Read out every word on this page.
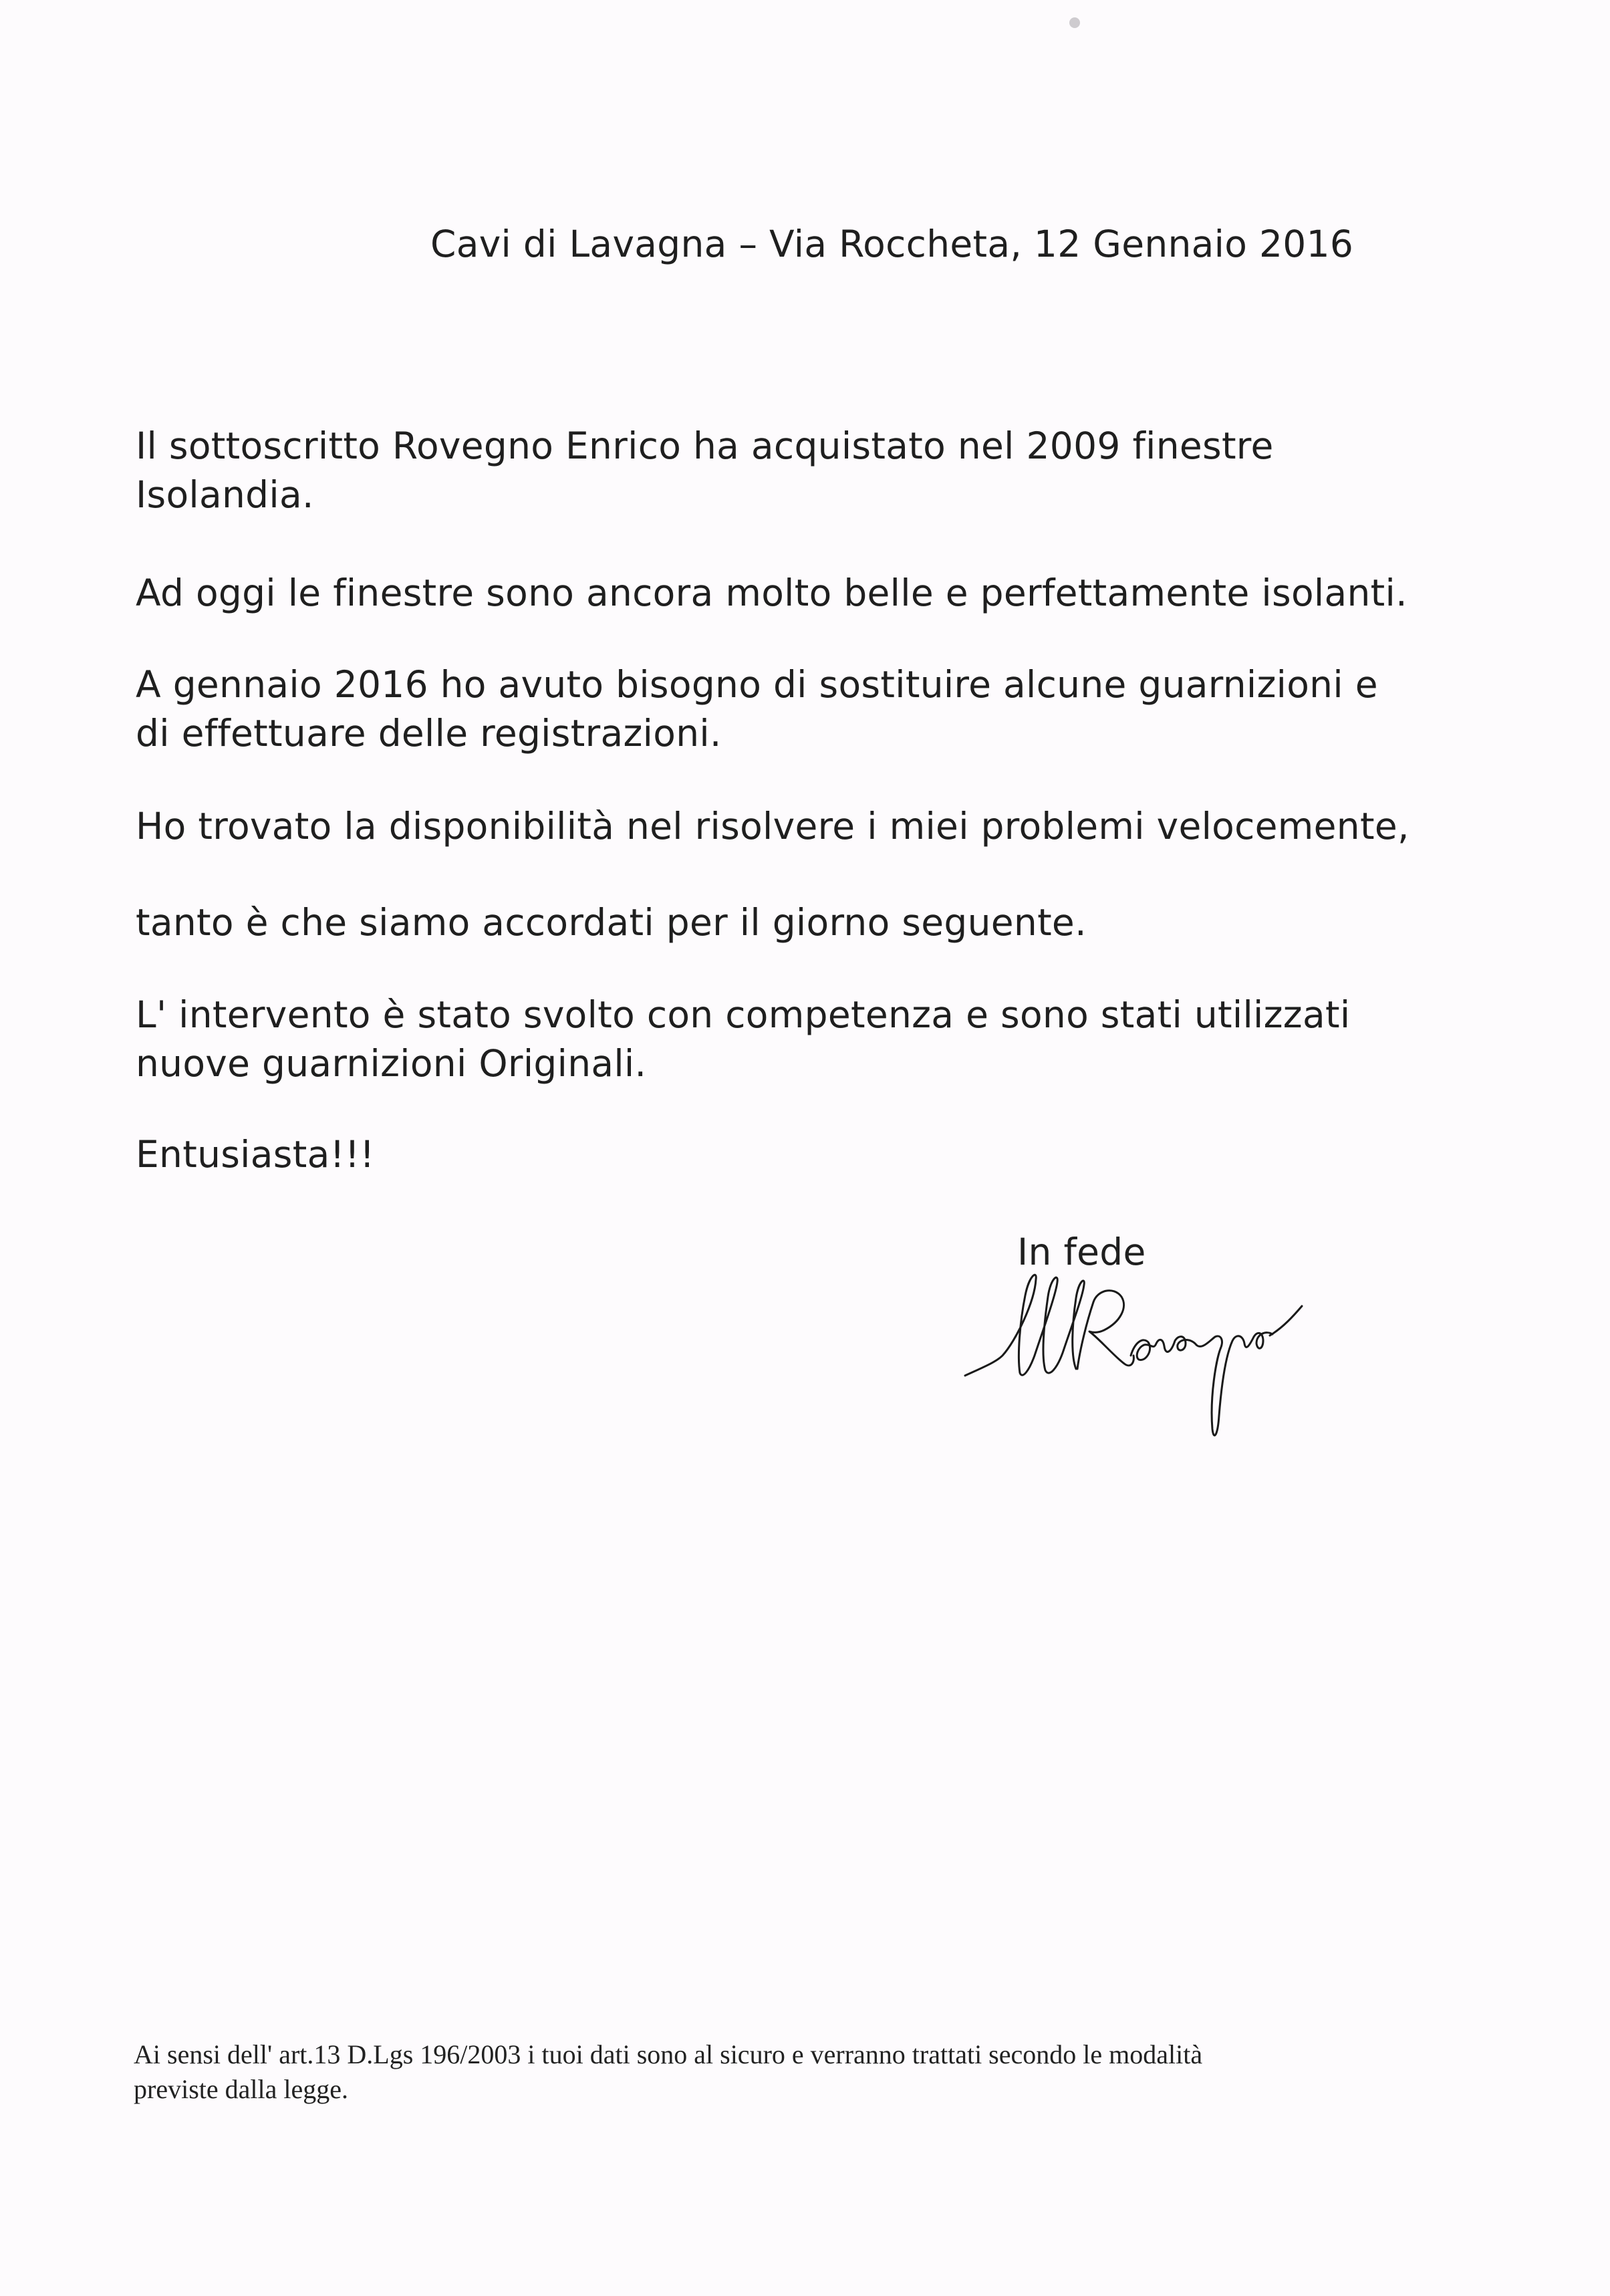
Cavi di Lavagna – Via Roccheta, 12 Gennaio 2016
Il sottoscritto Rovegno Enrico ha acquistato nel 2009 finestre
Isolandia.
Ad oggi le finestre sono ancora molto belle e perfettamente isolanti.
A gennaio 2016 ho avuto bisogno di sostituire alcune guarnizioni e
di effettuare delle registrazioni.
Ho trovato la disponibilità nel risolvere i miei problemi velocemente,
tanto è che siamo accordati per il giorno seguente.
L' intervento è stato svolto con competenza e sono stati utilizzati
nuove guarnizioni Originali.
Entusiasta!!!
In fede
Ai sensi dell' art.13 D.Lgs 196/2003 i tuoi dati sono al sicuro e verranno trattati secondo le modalità
previste dalla legge.
